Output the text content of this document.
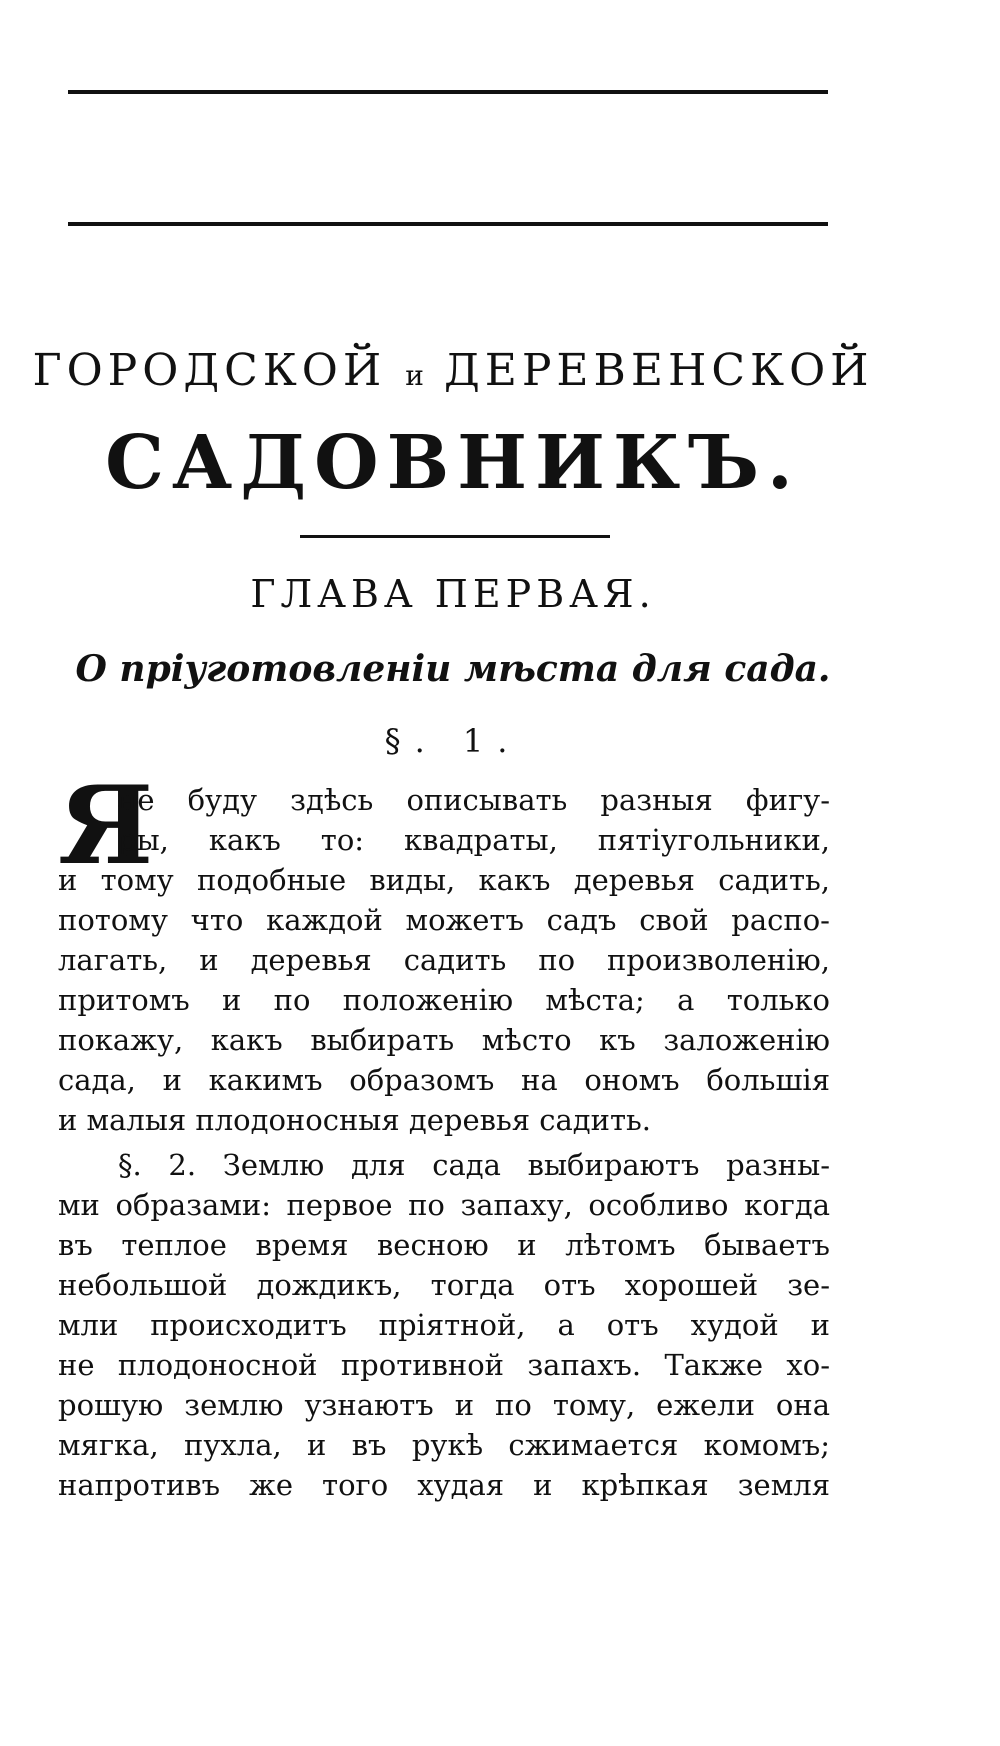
ГОРОДСКОЙ и ДЕРЕВЕНСКОЙ
САДОВНИКЪ.
ГЛАВА ПЕРВАЯ.
О пріуготовленіи мѣста для сада.
§. 1.
Я
не буду здѣсь описывать разныя фигу-
ры, какъ то: квадраты, пятіугольники,
и тому подобные виды, какъ деревья садить,
потому что каждой можетъ садъ свой распо-
лагать, и деревья садить по произволенію,
притомъ и по положенію мѣста; а только
покажу, какъ выбирать мѣсто къ заложенію
сада, и какимъ образомъ на ономъ большія
и малыя плодоносныя деревья садить.
§. 2. Землю для сада выбираютъ разны-
ми образами: первое по запаху, особливо когда
въ теплое время весною и лѣтомъ бываетъ
небольшой дождикъ, тогда отъ хорошей зе-
мли происходитъ пріятной, а отъ худой и
не плодоносной противной запахъ. Также хо-
рошую землю узнаютъ и по тому, ежели она
мягка, пухла, и въ рукѣ сжимается комомъ;
напротивъ же того худая и крѣпкая земля
